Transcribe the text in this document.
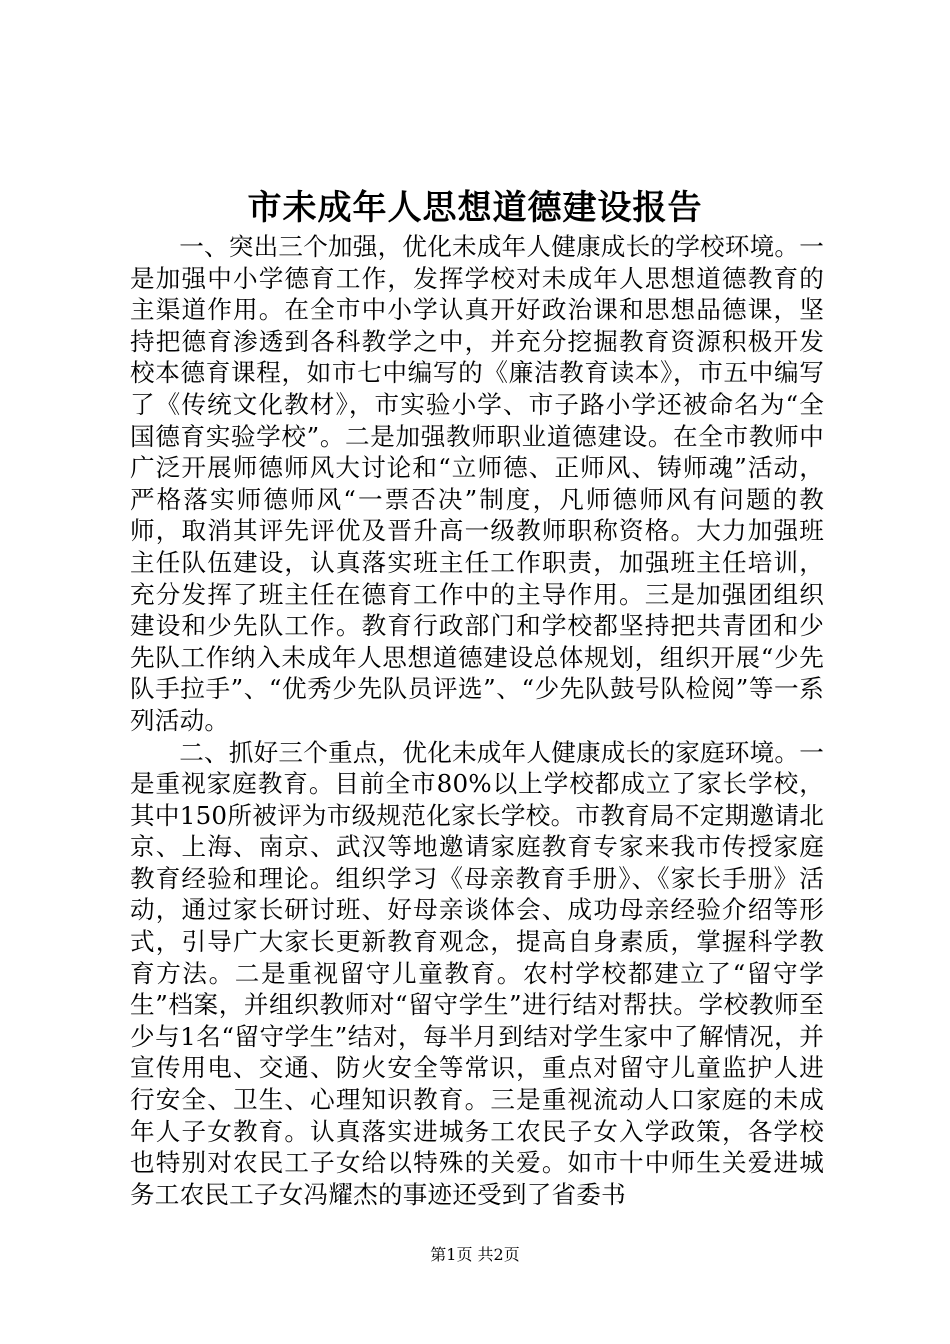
市未成年人思想道德建设报告

一、突出三个加强，优化未成年人健康成长的学校环境。一是加强中小学德育工作，发挥学校对未成年人思想道德教育的主渠道作用。在全市中小学认真开好政治课和思想品德课，坚持把德育渗透到各科教学之中，并充分挖掘教育资源积极开发校本德育课程，如市七中编写的《廉洁教育读本》，市五中编写了《传统文化教材》，市实验小学、市子路小学还被命名为“全国德育实验学校”。二是加强教师职业道德建设。在全市教师中广泛开展师德师风大讨论和“立师德、正师风、铸师魂”活动，严格落实师德师风“一票否决”制度，凡师德师风有问题的教师，取消其评先评优及晋升高一级教师职称资格。大力加强班主任队伍建设，认真落实班主任工作职责，加强班主任培训，充分发挥了班主任在德育工作中的主导作用。三是加强团组织建设和少先队工作。教育行政部门和学校都坚持把共青团和少先队工作纳入未成年人思想道德建设总体规划，组织开展“少先队手拉手”、“优秀少先队员评选”、“少先队鼓号队检阅”等一系列活动。

二、抓好三个重点，优化未成年人健康成长的家庭环境。一是重视家庭教育。目前全市80%以上学校都成立了家长学校，其中150所被评为市级规范化家长学校。市教育局不定期邀请北京、上海、南京、武汉等地邀请家庭教育专家来我市传授家庭教育经验和理论。组织学习《母亲教育手册》、《家长手册》活动，通过家长研讨班、好母亲谈体会、成功母亲经验介绍等形式，引导广大家长更新教育观念，提高自身素质，掌握科学教育方法。二是重视留守儿童教育。农村学校都建立了“留守学生”档案，并组织教师对“留守学生”进行结对帮扶。学校教师至少与1名“留守学生”结对，每半月到结对学生家中了解情况，并宣传用电、交通、防火安全等常识，重点对留守儿童监护人进行安全、卫生、心理知识教育。三是重视流动人口家庭的未成年人子女教育。认真落实进城务工农民子女入学政策，各学校也特别对农民工子女给以特殊的关爱。如市十中师生关爱进城务工农民工子女冯耀杰的事迹还受到了省委书

第1页 共2页
